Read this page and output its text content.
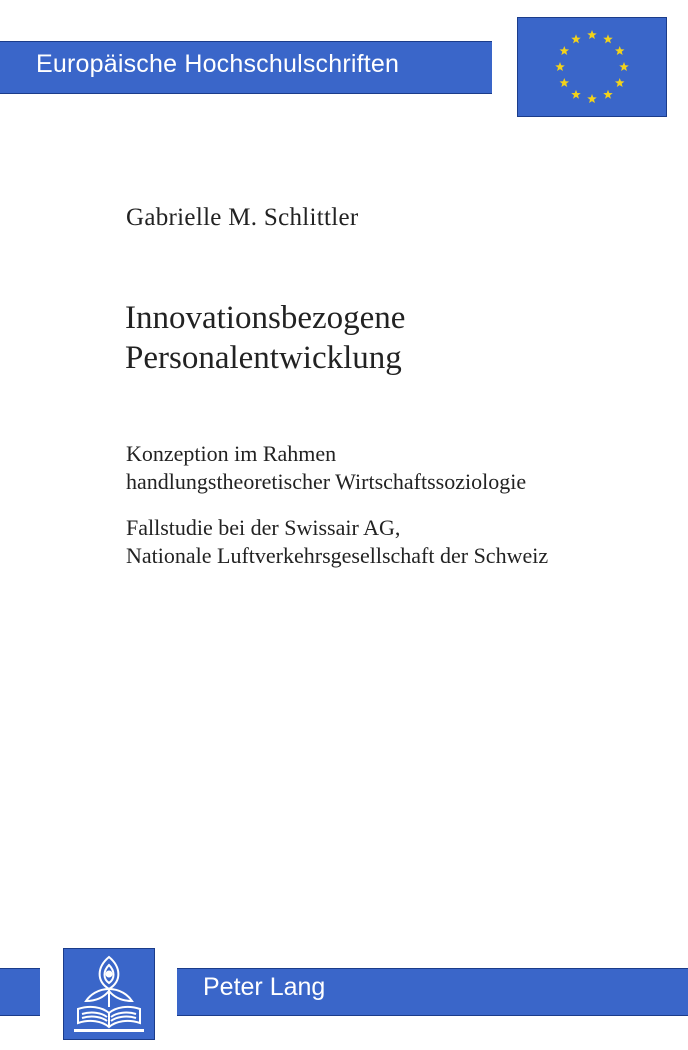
Europäische Hochschulschriften
Gabrielle M. Schlittler
Innovationsbezogene
Personalentwicklung

Konzeption im Rahmen
handlungstheoretischer Wirtschaftssoziologie

Fallstudie bei der Swissair AG,
Nationale Luftverkehrsgesellschaft der Schweiz

Peter Lang
